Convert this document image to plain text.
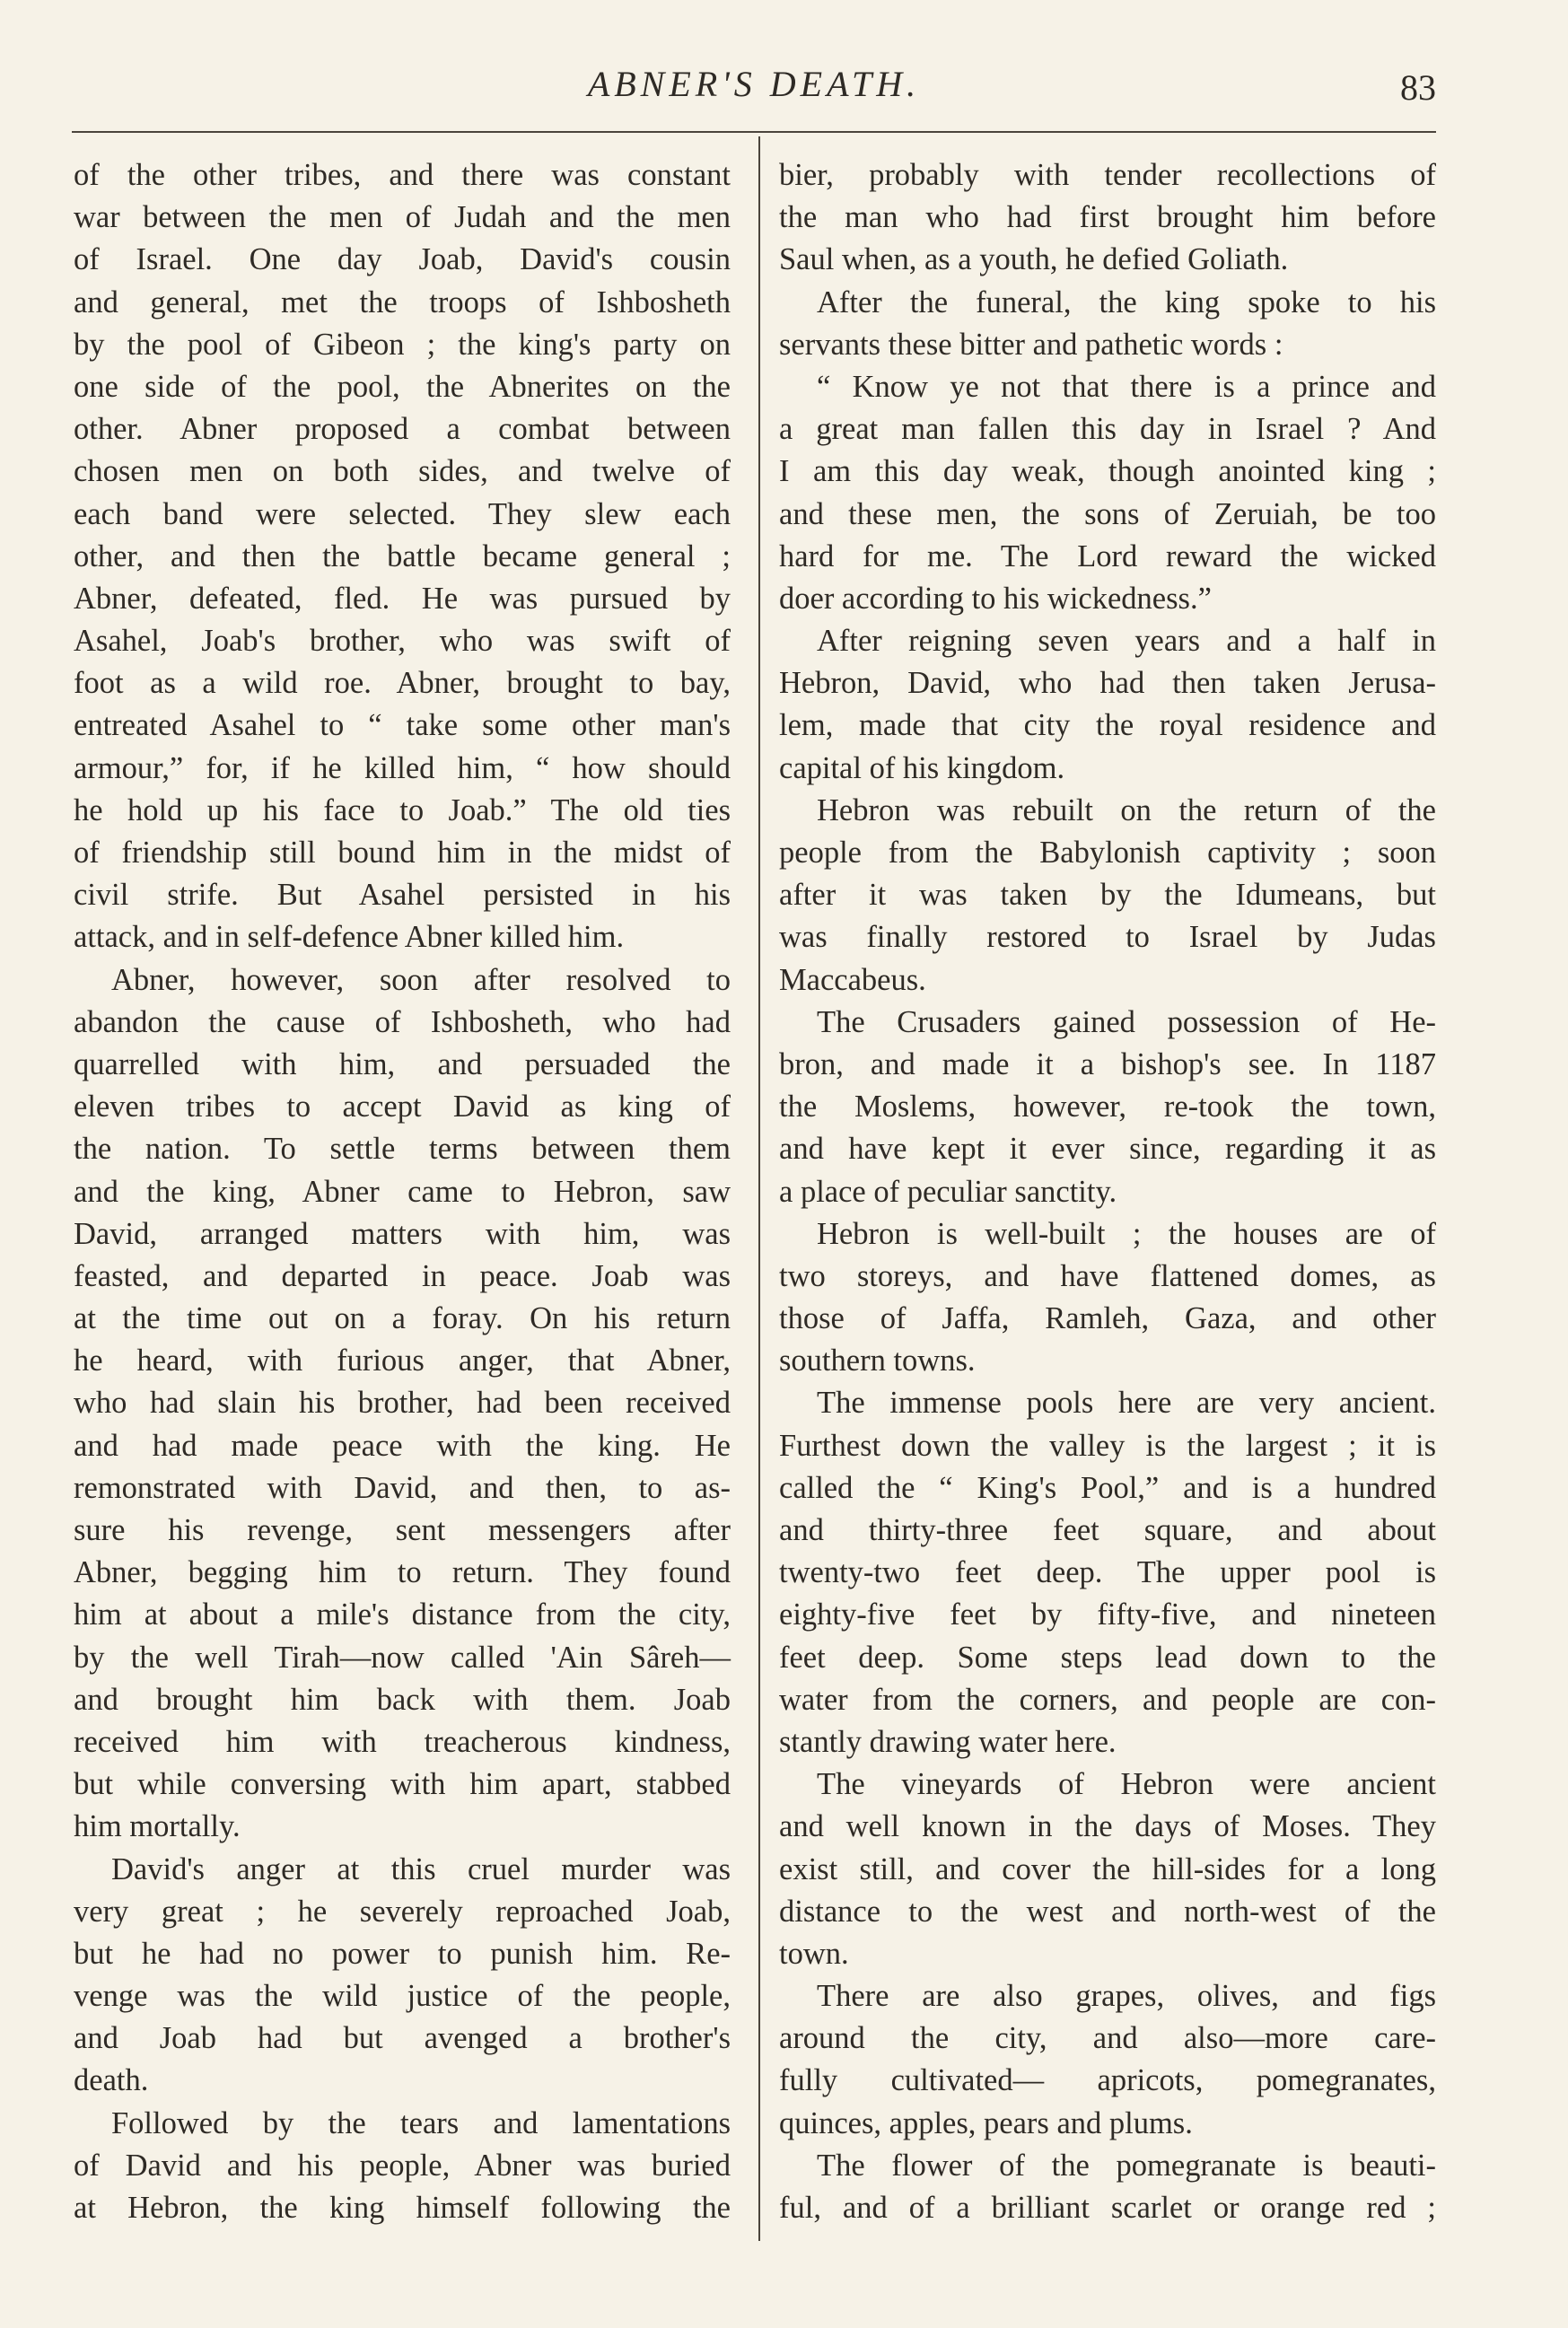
ABNER'S DEATH.	83
of the other tribes, and there was constant
war between the men of Judah and the men
of Israel. One day Joab, David's cousin
and general, met the troops of Ishbosheth
by the pool of Gibeon ; the king's party on
one side of the pool, the Abnerites on the
other. Abner proposed a combat between
chosen men on both sides, and twelve of
each band were selected. They slew each
other, and then the battle became general ;
Abner, defeated, fled. He was pursued by
Asahel, Joab's brother, who was swift of
foot as a wild roe. Abner, brought to bay,
entreated Asahel to “ take some other man's
armour,” for, if he killed him, “ how should
he hold up his face to Joab.” The old ties
of friendship still bound him in the midst of
civil strife. But Asahel persisted in his
attack, and in self-defence Abner killed him.
Abner, however, soon after resolved to
abandon the cause of Ishbosheth, who had
quarrelled with him, and persuaded the
eleven tribes to accept David as king of
the nation. To settle terms between them
and the king, Abner came to Hebron, saw
David, arranged matters with him, was
feasted, and departed in peace. Joab was
at the time out on a foray. On his return
he heard, with furious anger, that Abner,
who had slain his brother, had been received
and had made peace with the king. He
remonstrated with David, and then, to as-
sure his revenge, sent messengers after
Abner, begging him to return. They found
him at about a mile's distance from the city,
by the well Tirah—now called 'Ain Sâreh—
and brought him back with them. Joab
received him with treacherous kindness,
but while conversing with him apart, stabbed
him mortally.
David's anger at this cruel murder was
very great ; he severely reproached Joab,
but he had no power to punish him. Re-
venge was the wild justice of the people,
and Joab had but avenged a brother's
death.
Followed by the tears and lamentations
of David and his people, Abner was buried
at Hebron, the king himself following the
bier, probably with tender recollections of
the man who had first brought him before
Saul when, as a youth, he defied Goliath.
After the funeral, the king spoke to his
servants these bitter and pathetic words :
“ Know ye not that there is a prince and
a great man fallen this day in Israel ? And
I am this day weak, though anointed king ;
and these men, the sons of Zeruiah, be too
hard for me. The Lord reward the wicked
doer according to his wickedness.”
After reigning seven years and a half in
Hebron, David, who had then taken Jerusa-
lem, made that city the royal residence and
capital of his kingdom.
Hebron was rebuilt on the return of the
people from the Babylonish captivity ; soon
after it was taken by the Idumeans, but
was finally restored to Israel by Judas
Maccabeus.
The Crusaders gained possession of He-
bron, and made it a bishop's see. In 1187
the Moslems, however, re-took the town,
and have kept it ever since, regarding it as
a place of peculiar sanctity.
Hebron is well-built ; the houses are of
two storeys, and have flattened domes, as
those of Jaffa, Ramleh, Gaza, and other
southern towns.
The immense pools here are very ancient.
Furthest down the valley is the largest ; it is
called the “ King's Pool,” and is a hundred
and thirty-three feet square, and about
twenty-two feet deep. The upper pool is
eighty-five feet by fifty-five, and nineteen
feet deep. Some steps lead down to the
water from the corners, and people are con-
stantly drawing water here.
The vineyards of Hebron were ancient
and well known in the days of Moses. They
exist still, and cover the hill-sides for a long
distance to the west and north-west of the
town.
There are also grapes, olives, and figs
around the city, and also—more care-
fully cultivated— apricots, pomegranates,
quinces, apples, pears and plums.
The flower of the pomegranate is beauti-
ful, and of a brilliant scarlet or orange red ;
